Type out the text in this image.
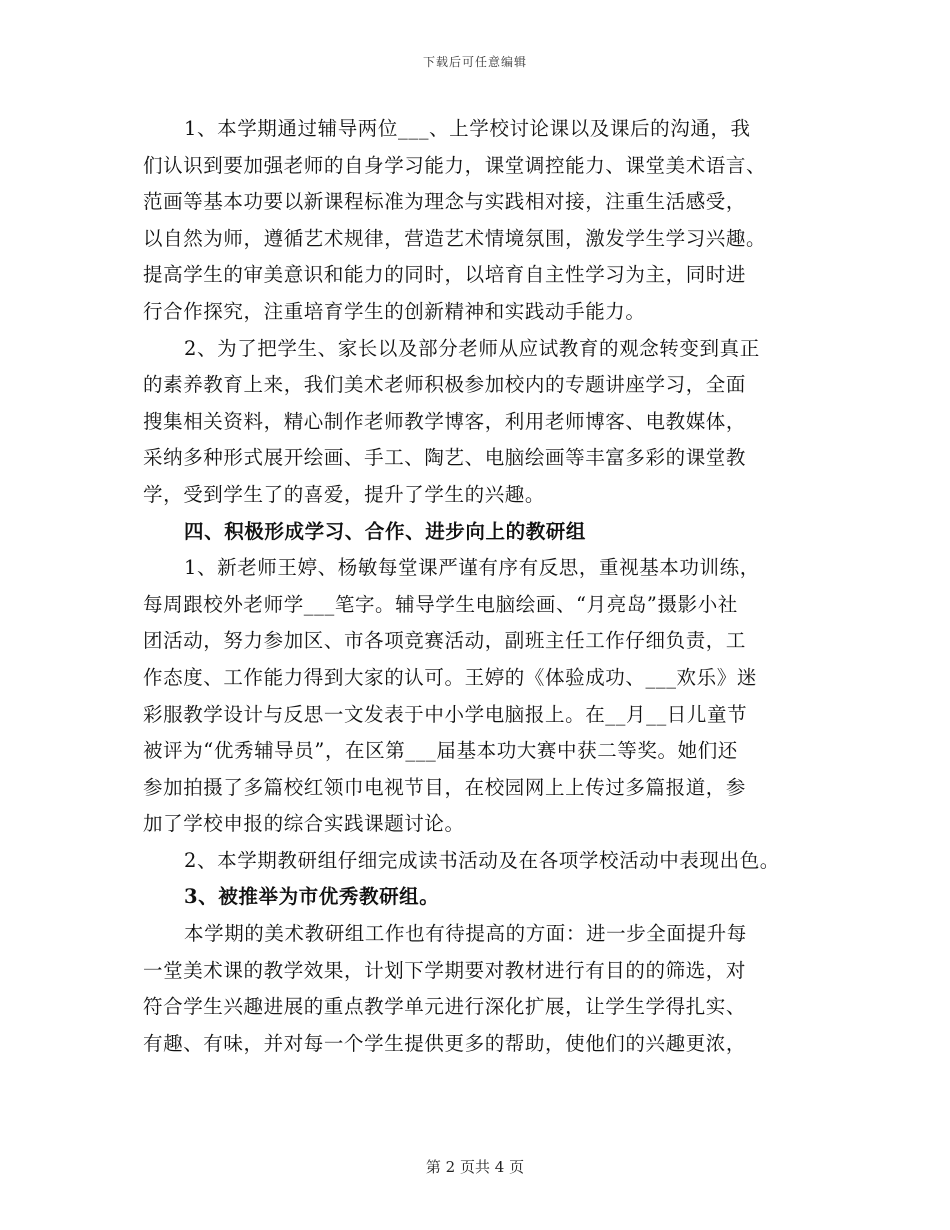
下载后可任意编辑
1、本学期通过辅导两位___、上学校讨论课以及课后的沟通，我
们认识到要加强老师的自身学习能力，课堂调控能力、课堂美术语言、
范画等基本功要以新课程标准为理念与实践相对接，注重生活感受，
以自然为师，遵循艺术规律，营造艺术情境氛围，激发学生学习兴趣。
提高学生的审美意识和能力的同时，以培育自主性学习为主，同时进
行合作探究，注重培育学生的创新精神和实践动手能力。
2、为了把学生、家长以及部分老师从应试教育的观念转变到真正
的素养教育上来，我们美术老师积极参加校内的专题讲座学习，全面
搜集相关资料，精心制作老师教学博客，利用老师博客、电教媒体，
采纳多种形式展开绘画、手工、陶艺、电脑绘画等丰富多彩的课堂教
学，受到学生了的喜爱，提升了学生的兴趣。
四、积极形成学习、合作、进步向上的教研组
1、新老师王婷、杨敏每堂课严谨有序有反思，重视基本功训练，
每周跟校外老师学___笔字。辅导学生电脑绘画、“月亮岛”摄影小社
团活动，努力参加区、市各项竞赛活动，副班主任工作仔细负责，工
作态度、工作能力得到大家的认可。王婷的《体验成功、___欢乐》迷
彩服教学设计与反思一文发表于中小学电脑报上。在__月__日儿童节
被评为“优秀辅导员”，在区第___届基本功大赛中获二等奖。她们还
参加拍摄了多篇校红领巾电视节目，在校园网上上传过多篇报道，参
加了学校申报的综合实践课题讨论。
2、本学期教研组仔细完成读书活动及在各项学校活动中表现出色。
3、被推举为市优秀教研组。
本学期的美术教研组工作也有待提高的方面：进一步全面提升每
一堂美术课的教学效果，计划下学期要对教材进行有目的的筛选，对
符合学生兴趣进展的重点教学单元进行深化扩展，让学生学得扎实、
有趣、有味，并对每一个学生提供更多的帮助，使他们的兴趣更浓，
第 2 页共 4 页
